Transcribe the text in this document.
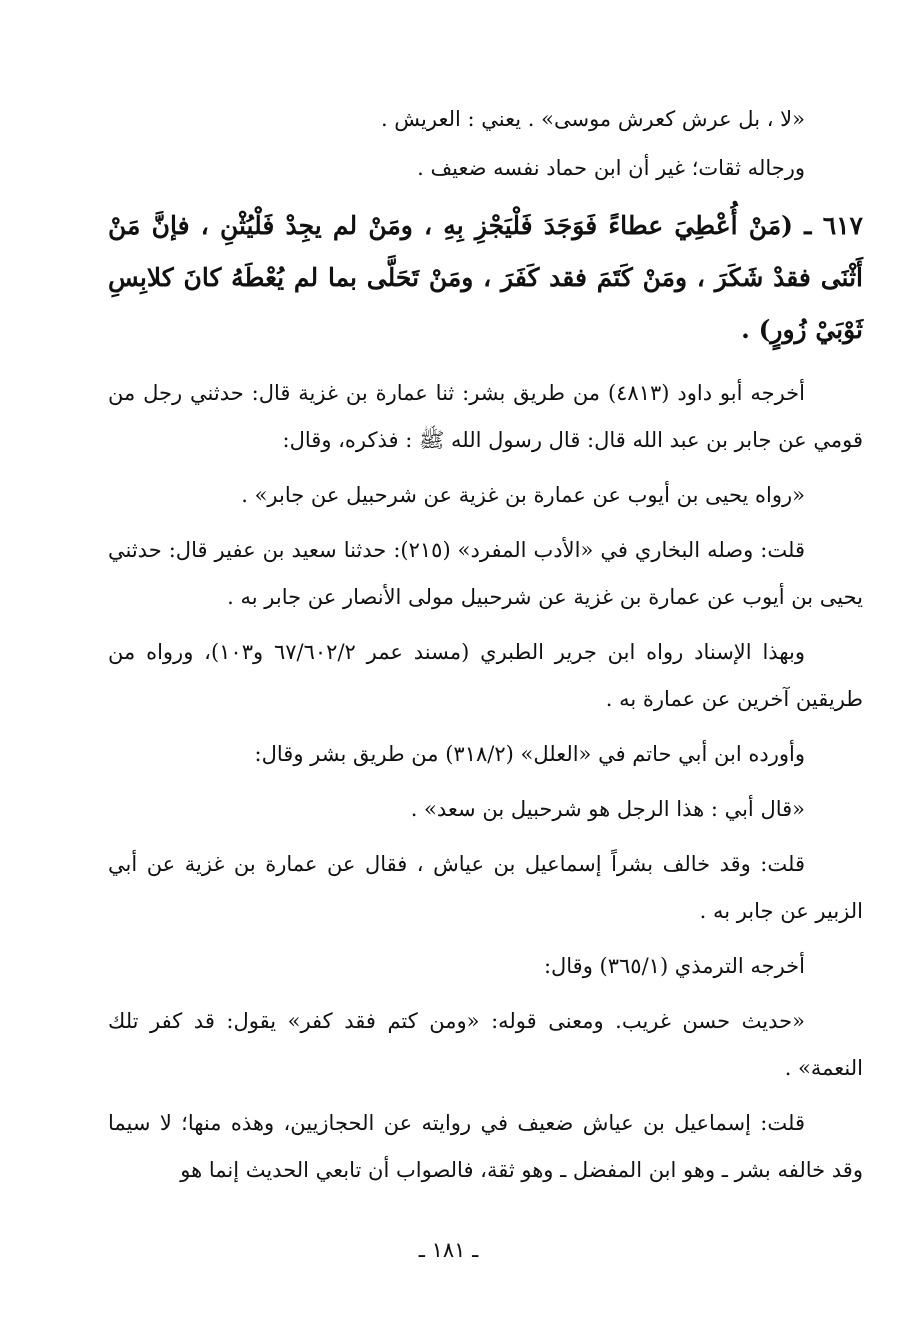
«لا ، بل عرش كعرش موسى» . يعني : العريش .

ورجاله ثقات؛ غير أن ابن حماد نفسه ضعيف .

٦١٧ ـ (مَنْ أُعْطِيَ عطاءً فَوَجَدَ فَلْيَجْزِ بِهِ ، ومَنْ لم يجِدْ فَلْيُثْنِ ، فإنَّ مَنْ أَثْنَى فقدْ شَكَرَ ، ومَنْ كَتَمَ فقد كَفَرَ ، ومَنْ تَحَلَّى بما لم يُعْطَهُ كانَ كلابِسِ ثَوْبَيْ زُورٍ) .

أخرجه أبو داود (٤٨١٣) من طريق بشر: ثنا عمارة بن غزية قال: حدثني رجل من قومي عن جابر بن عبد الله قال: قال رسول الله ﷺ : فذكره، وقال:

«رواه يحيى بن أيوب عن عمارة بن غزية عن شرحبيل عن جابر» .

قلت: وصله البخاري في «الأدب المفرد» (٢١٥): حدثنا سعيد بن عفير قال: حدثني يحيى بن أيوب عن عمارة بن غزية عن شرحبيل مولى الأنصار عن جابر به .

وبهذا الإسناد رواه ابن جرير الطبري (مسند عمر ٦٧/٦٠٢/٢ و١٠٣)، ورواه من طريقين آخرين عن عمارة به .

وأورده ابن أبي حاتم في «العلل» (٣١٨/٢) من طريق بشر وقال:

«قال أبي : هذا الرجل هو شرحبيل بن سعد» .

قلت: وقد خالف بشراً إسماعيل بن عياش ، فقال عن عمارة بن غزية عن أبي الزبير عن جابر به .

أخرجه الترمذي (٣٦٥/١) وقال:

«حديث حسن غريب. ومعنى قوله: «ومن كتم فقد كفر» يقول: قد كفر تلك النعمة» .

قلت: إسماعيل بن عياش ضعيف في روايته عن الحجازيين، وهذه منها؛ لا سيما وقد خالفه بشر ـ وهو ابن المفضل ـ وهو ثقة، فالصواب أن تابعي الحديث إنما هو

ـ ١٨١ ـ
